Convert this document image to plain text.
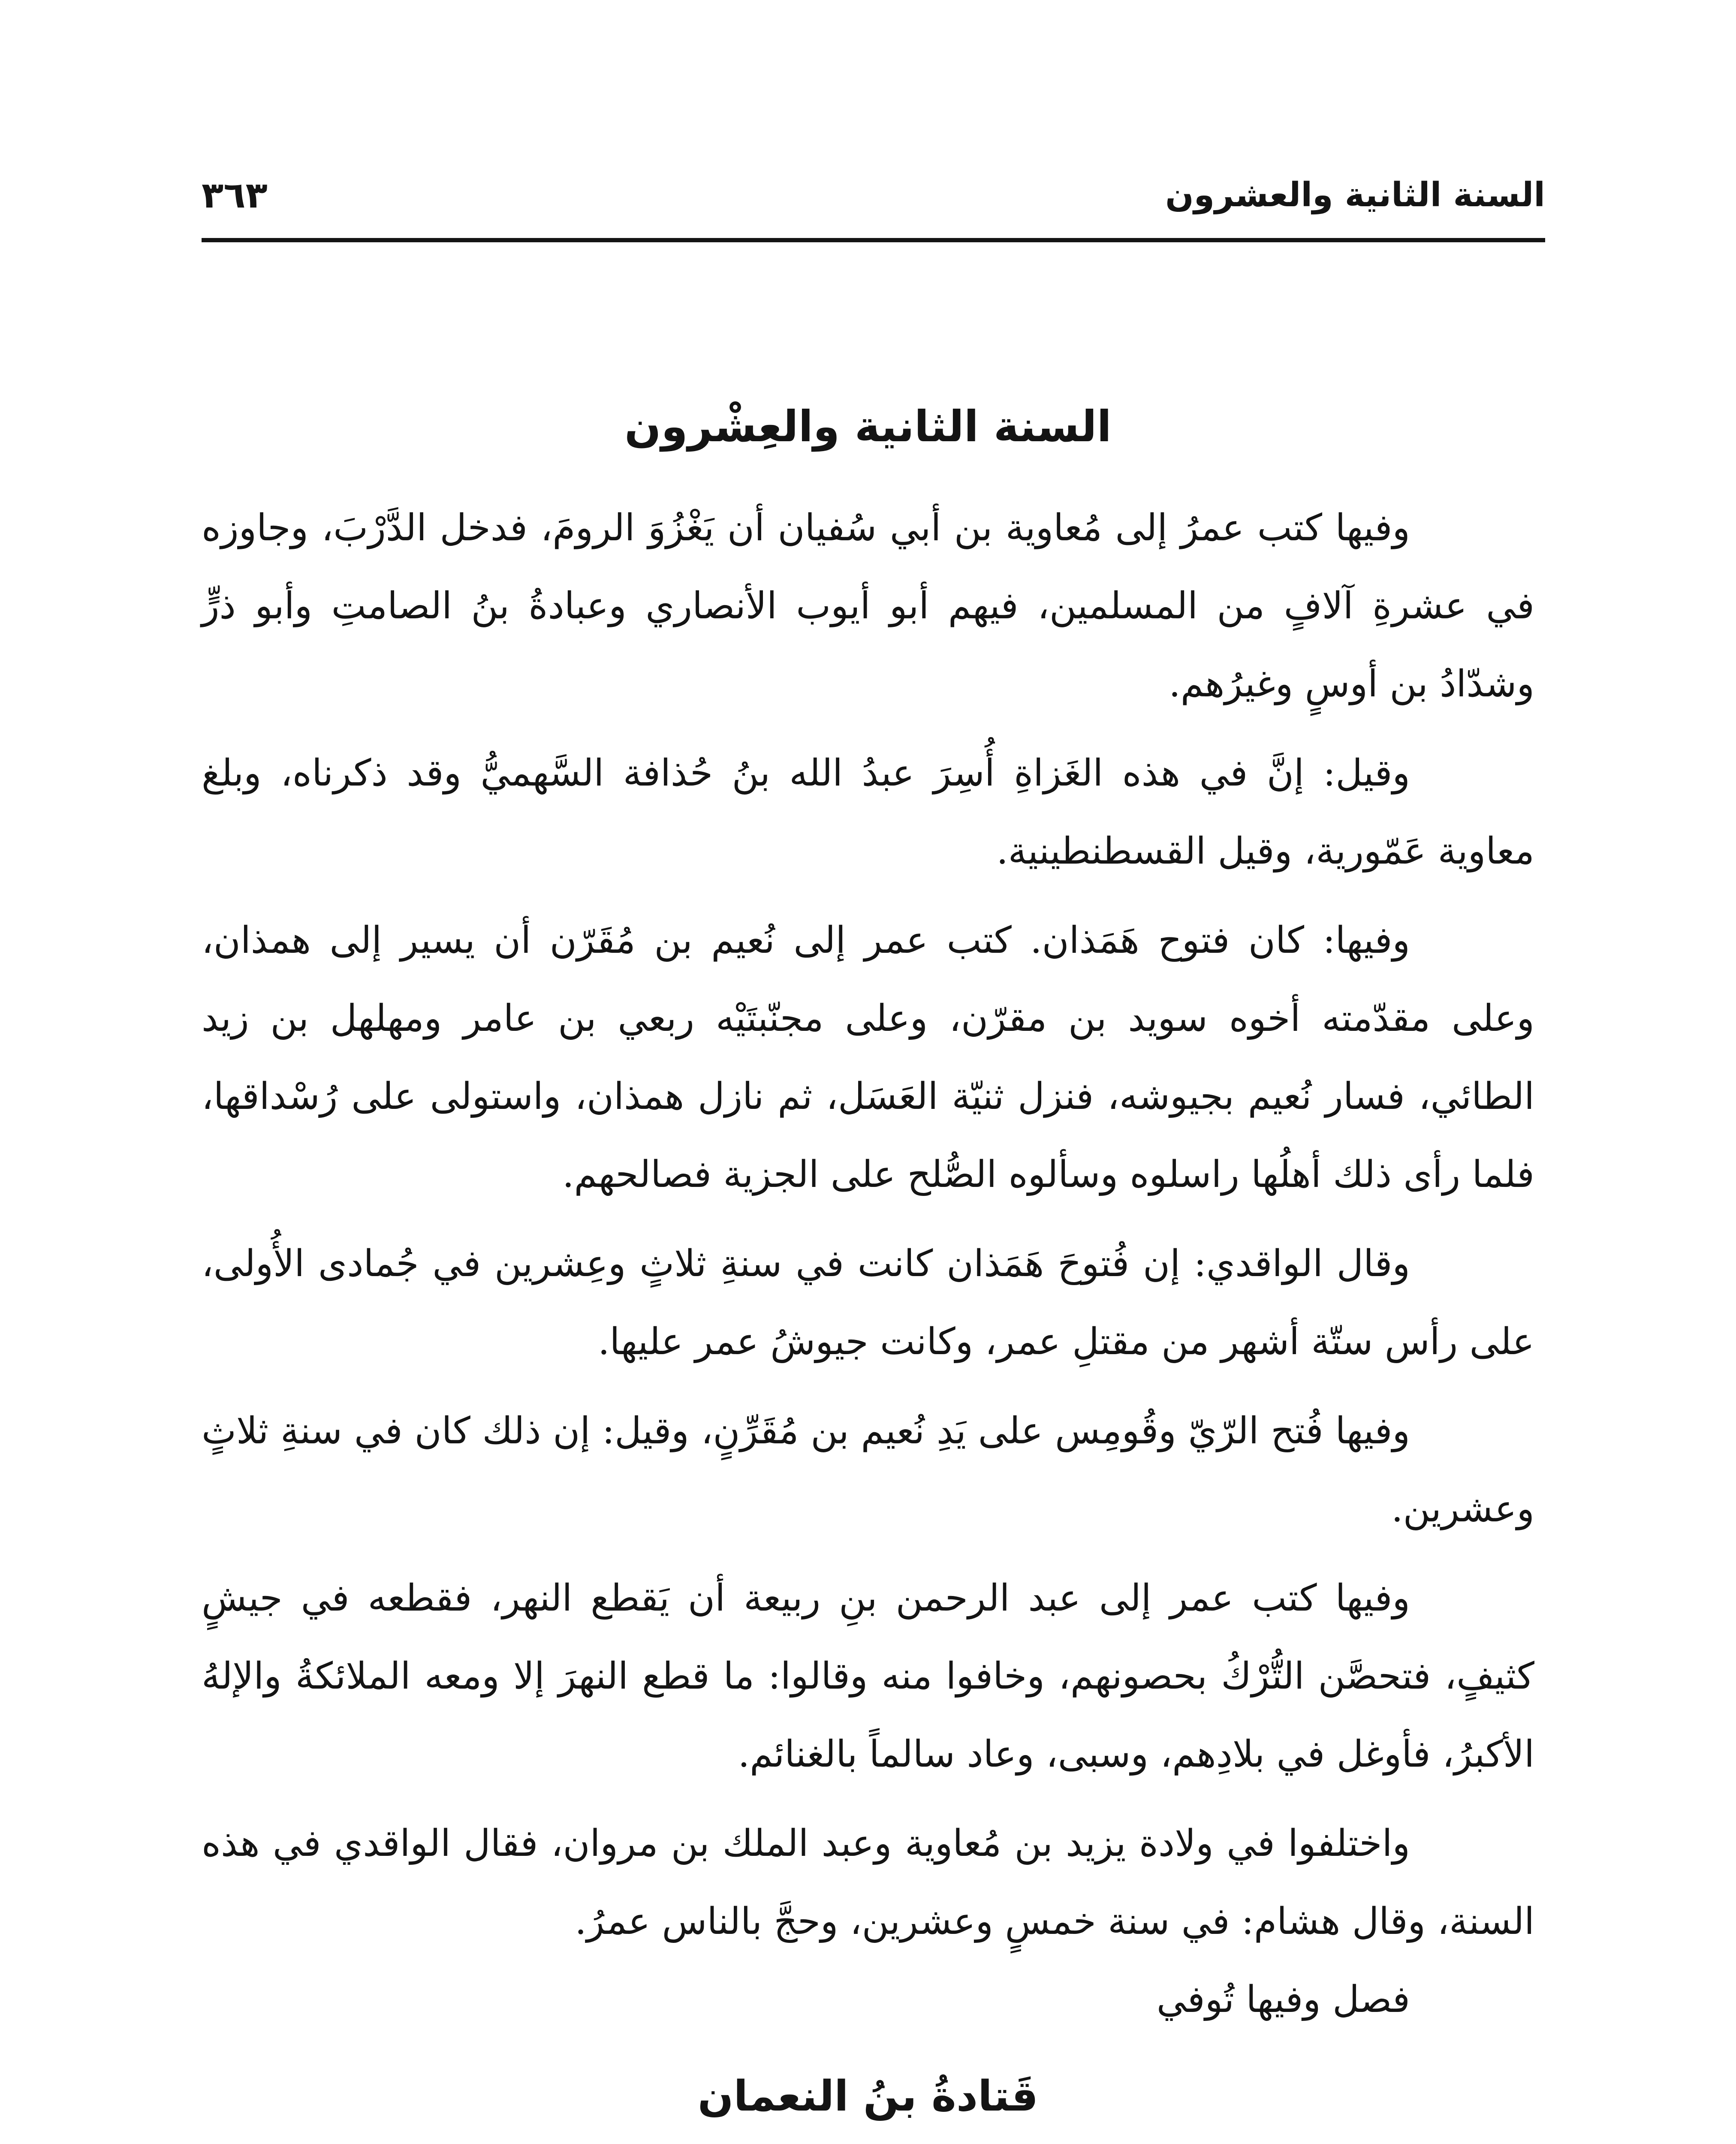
السنة الثانية والعشرون
٣٦٣
السنة الثانية والعِشْرون

وفيها كتب عمرُ إلى مُعاوية بن أبي سُفيان أن يَغْزُوَ الرومَ، فدخل الدَّرْبَ، وجاوزه في عشرةِ آلافٍ من المسلمين، فيهم أبو أيوب الأنصاري وعبادةُ بنُ الصامتِ وأبو ذرٍّ وشدّادُ بن أوسٍ وغيرُهم.

وقيل: إنَّ في هذه الغَزاةِ أُسِرَ عبدُ الله بنُ حُذافة السَّهميُّ وقد ذكرناه، وبلغ معاوية عَمّورية، وقيل القسطنطينية.

وفيها: كان فتوح هَمَذان. كتب عمر إلى نُعيم بن مُقَرّن أن يسير إلى همذان، وعلى مقدّمته أخوه سويد بن مقرّن، وعلى مجنّبتَيْه ربعي بن عامر ومهلهل بن زيد الطائي، فسار نُعيم بجيوشه، فنزل ثنيّة العَسَل، ثم نازل همذان، واستولى على رُسْداقها، فلما رأى ذلك أهلُها راسلوه وسألوه الصُّلح على الجزية فصالحهم.

وقال الواقدي: إن فُتوحَ هَمَذان كانت في سنةِ ثلاثٍ وعِشرين في جُمادى الأُولى، على رأس ستّة أشهر من مقتلِ عمر، وكانت جيوشُ عمر عليها.

وفيها فُتح الرّيّ وقُومِس على يَدِ نُعيم بن مُقَرِّنٍ، وقيل: إن ذلك كان في سنةِ ثلاثٍ وعشرين.

وفيها كتب عمر إلى عبد الرحمن بنِ ربيعة أن يَقطع النهر، فقطعه في جيشٍ كثيفٍ، فتحصَّن التُّرْكُ بحصونهم، وخافوا منه وقالوا: ما قطع النهرَ إلا ومعه الملائكةُ والإلهُ الأكبرُ، فأوغل في بلادِهم، وسبى، وعاد سالماً بالغنائم.

واختلفوا في ولادة يزيد بن مُعاوية وعبد الملك بن مروان، فقال الواقدي في هذه السنة، وقال هشام: في سنة خمسٍ وعشرين، وحجَّ بالناس عمرُ.

فصل وفيها تُوفي

قَتادةُ بنُ النعمان
